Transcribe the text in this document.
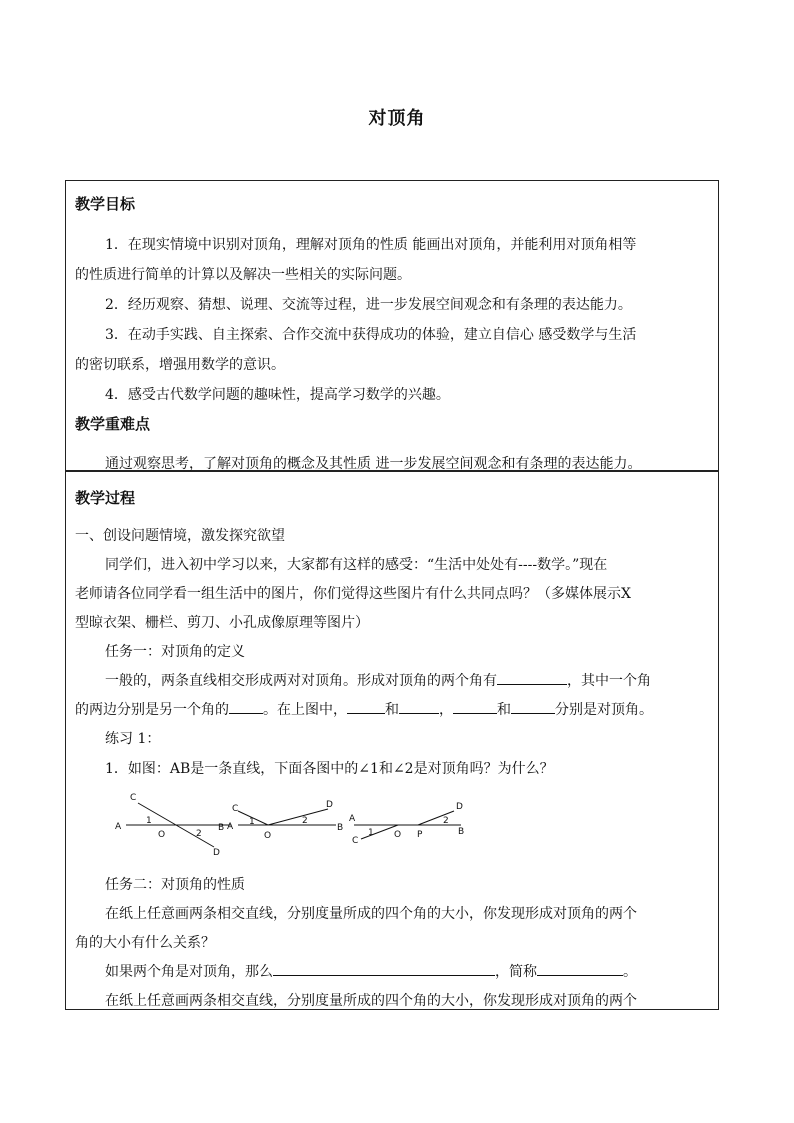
对顶角
教学目标
1．在现实情境中识别对顶角，理解对顶角的性质 能画出对顶角，并能利用对顶角相等
的性质进行简单的计算以及解决一些相关的实际问题。
2．经历观察、猜想、说理、交流等过程，进一步发展空间观念和有条理的表达能力。
3．在动手实践、自主探索、合作交流中获得成功的体验，建立自信心 感受数学与生活
的密切联系，增强用数学的意识。
4．感受古代数学问题的趣味性，提高学习数学的兴趣。
教学重难点
通过观察思考，了解对顶角的概念及其性质 进一步发展空间观念和有条理的表达能力。
教学过程
一、创设问题情境，激发探究欲望
同学们，进入初中学习以来，大家都有这样的感受：“生活中处处有----数学。”现在
老师请各位同学看一组生活中的图片，你们觉得这些图片有什么共同点吗？（多媒体展示X
型晾衣架、栅栏、剪刀、小孔成像原理等图片）
任务一：对顶角的定义
一般的，两条直线相交形成两对对顶角。形成对顶角的两个角有	，其中一个角
的两边分别是另一个角的 。在上图中，	和	，	和	分别是对顶角。
练习 1：
1．如图：AB是一条直线，下面各图中的∠1和∠2是对顶角吗？为什么？
C
A
1
O	2
B
D
C	D
A 1	2
B
O
D
A	2
B
C
1 O P
任务二：对顶角的性质
在纸上任意画两条相交直线，分别度量所成的四个角的大小，你发现形成对顶角的两个
角的大小有什么关系？
如果两个角是对顶角，那么	，简称	。
在纸上任意画两条相交直线，分别度量所成的四个角的大小，你发现形成对顶角的两个
